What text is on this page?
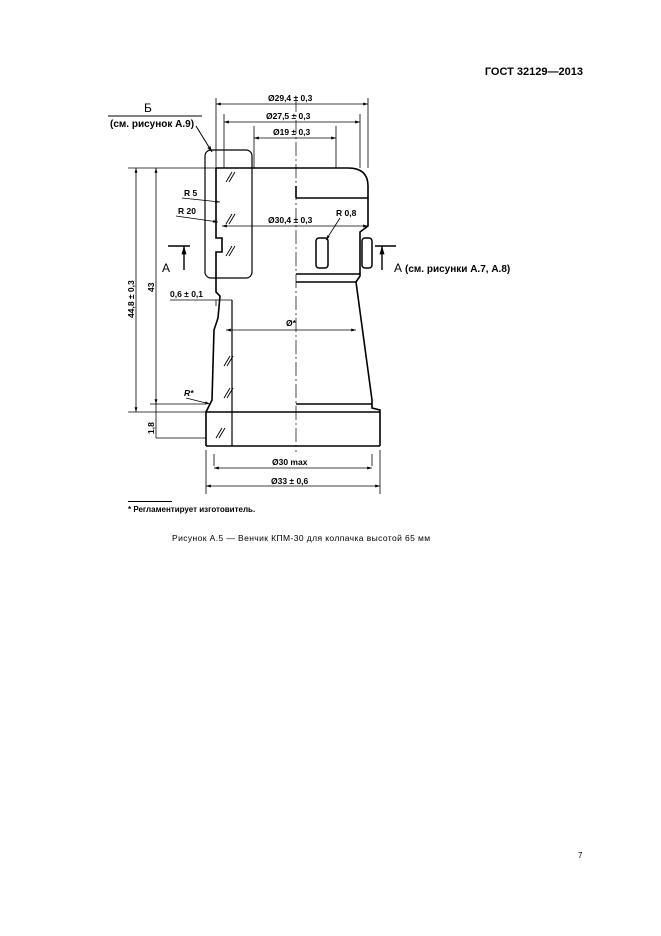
ГОСТ 32129—2013
Б
(см. рисунок А.9)
Ø29,4 ± 0,3
Ø27,5 ± 0,3
Ø19 ± 0,3
R 5
R 20
Ø30,4 ± 0,3
R 0,8
А	А (см. рисунки А.7, А.8)
44,8 ± 0,3 43
0,6 ± 0,1
Ø*
R*
1,8
Ø30 max
Ø33 ± 0,6
* Регламентирует изготовитель.
Рисунок А.5 — Венчик КПМ-30 для колпачка высотой 65 мм
7
